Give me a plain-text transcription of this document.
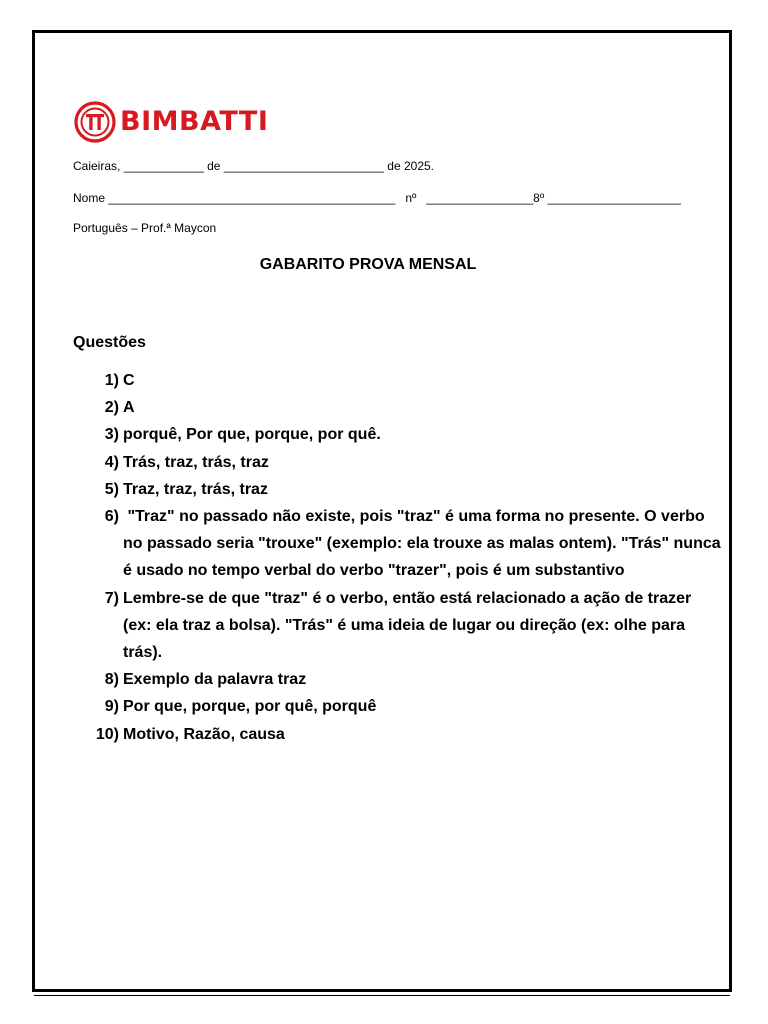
BIMBATTI
Caieiras, ____________ de ________________________ de 2025.
Nome ___________________________________________   nº   ________________8º ____________________
Português – Prof.ª Maycon
GABARITO PROVA MENSAL
Questões
1) C
2) A
3) porquê, Por que, porque, por quê.
4) Trás, traz, trás, traz
5) Traz, traz, trás, traz
6) "Traz" no passado não existe, pois "traz" é uma forma no presente. O verbo no passado seria "trouxe" (exemplo: ela trouxe as malas ontem). "Trás" nunca é usado no tempo verbal do verbo "trazer", pois é um substantivo
7) Lembre-se de que "traz" é o verbo, então está relacionado a ação de trazer (ex: ela traz a bolsa). "Trás" é uma ideia de lugar ou direção (ex: olhe para trás).
8) Exemplo da palavra traz
9) Por que, porque, por quê, porquê
10) Motivo, Razão, causa
